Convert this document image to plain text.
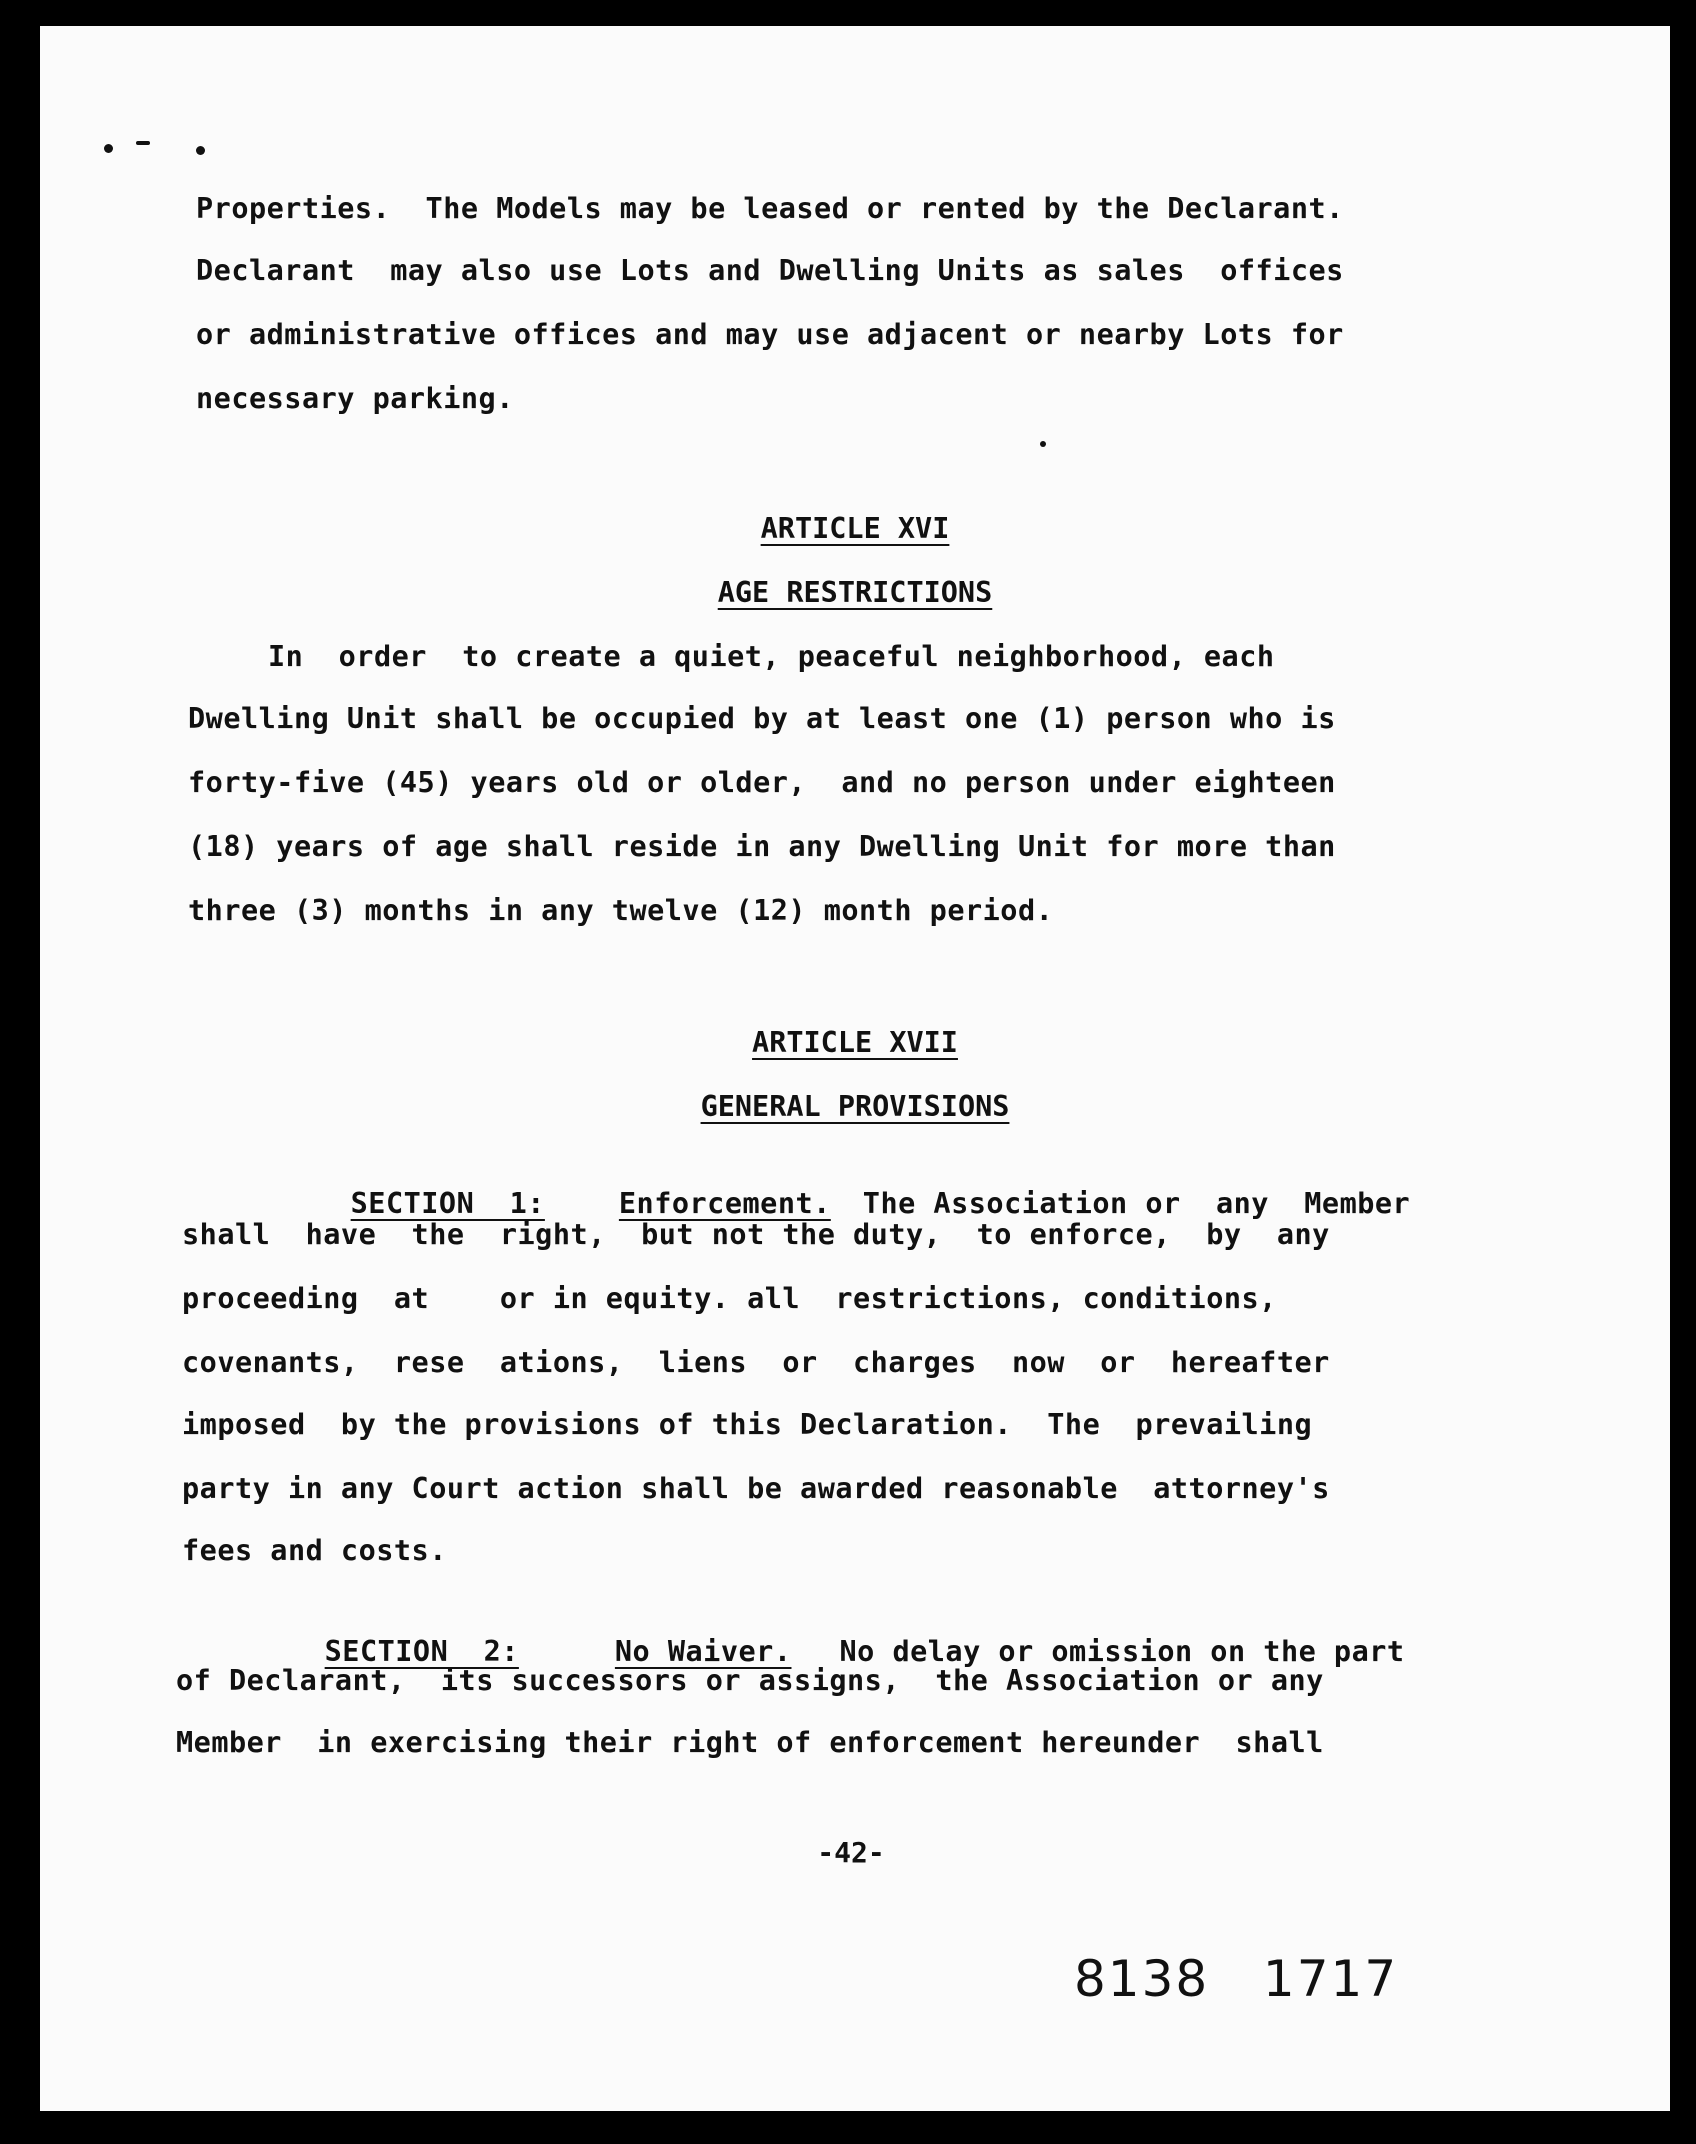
Properties.  The Models may be leased or rented by the Declarant.
Declarant  may also use Lots and Dwelling Units as sales  offices
or administrative offices and may use adjacent or nearby Lots for
necessary parking.
ARTICLE XVI
AGE RESTRICTIONS
In  order  to create a quiet, peaceful neighborhood, each
Dwelling Unit shall be occupied by at least one (1) person who is
forty-five (45) years old or older,  and no person under eighteen
(18) years of age shall reside in any Dwelling Unit for more than
three (3) months in any twelve (12) month period.
ARTICLE XVII
GENERAL PROVISIONS

SECTION  1:	Enforcement. The Association or  any  Member

shall  have  the  right,  but not the duty,  to enforce,  by  any
proceeding  at    or in equity. all  restrictions, conditions,
covenants,  rese  ations,  liens  or  charges  now  or  hereafter
imposed  by the provisions of this Declaration.  The  prevailing
party in any Court action shall be awarded reasonable  attorney's
fees and costs.

SECTION  2:	No Waiver. No delay or omission on the part

of Declarant,  its successors or assigns,  the Association or any
Member  in exercising their right of enforcement hereunder  shall
-42-
8138   1717
